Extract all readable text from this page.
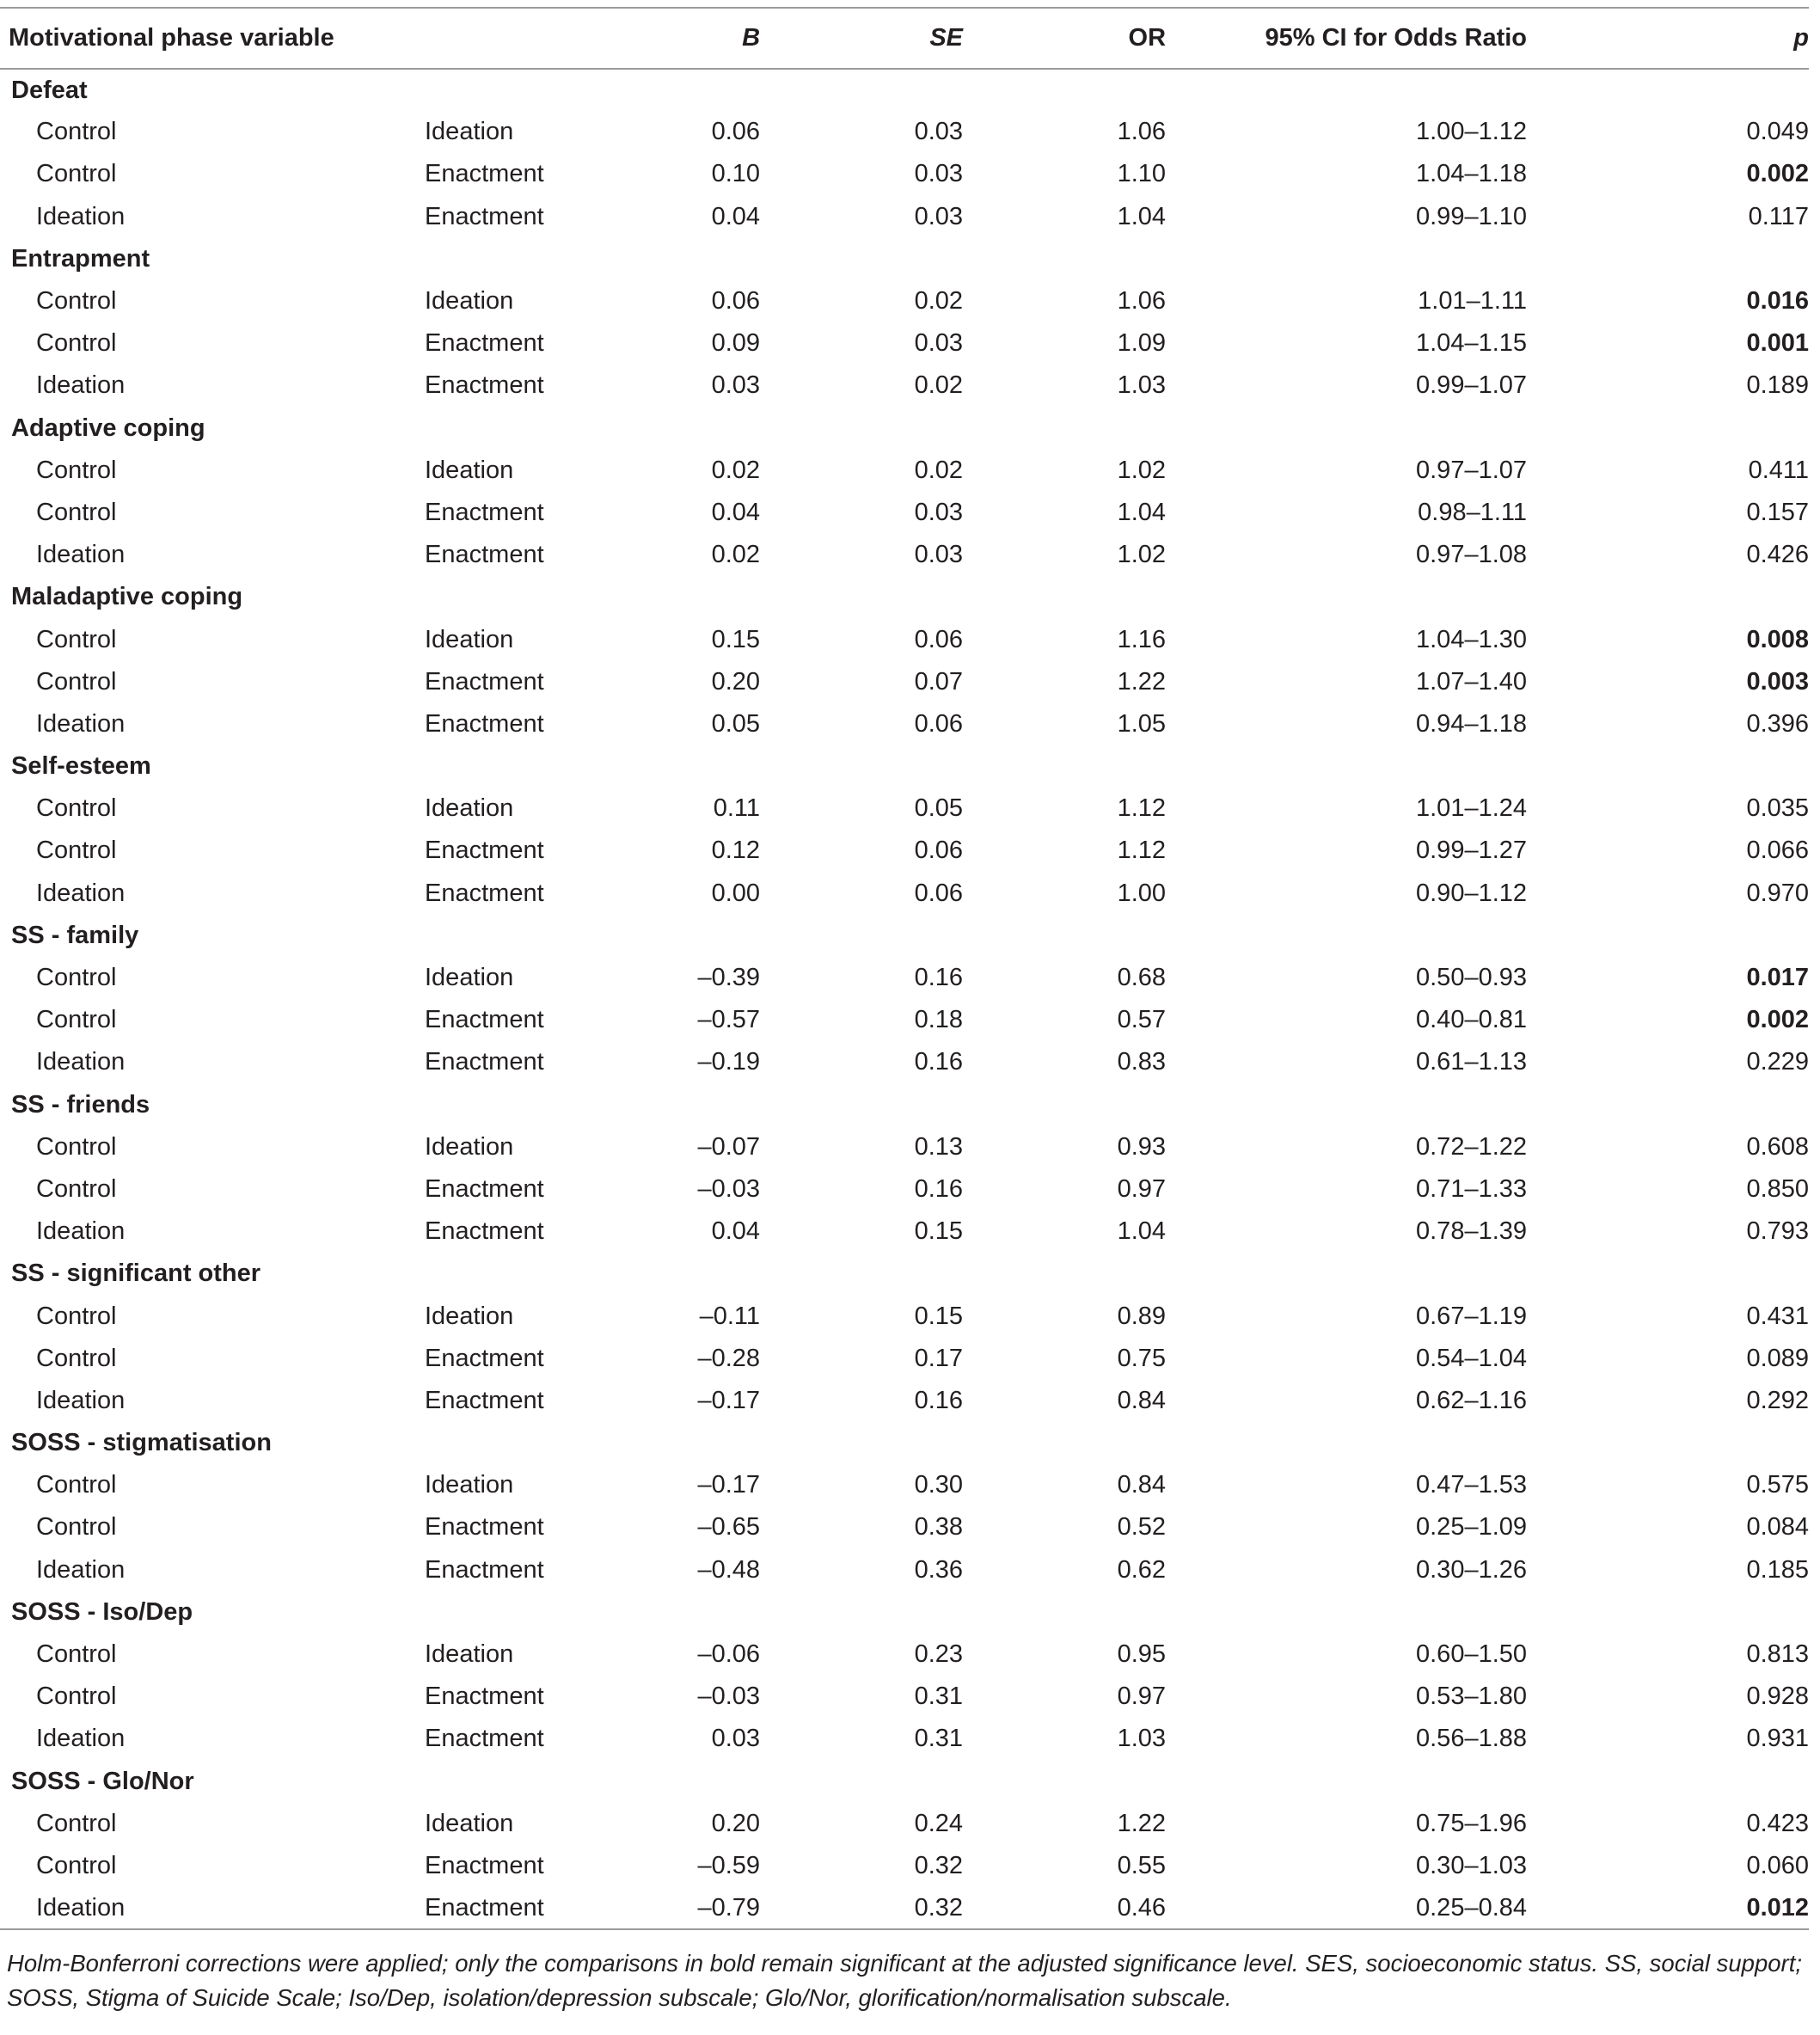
Motivational phase variable		B	SE	OR	95% CI for Odds Ratio	p
Defeat						
Control	Ideation	0.06	0.03	1.06	1.00–1.12	0.049
Control	Enactment	0.10	0.03	1.10	1.04–1.18	0.002
Ideation	Enactment	0.04	0.03	1.04	0.99–1.10	0.117
Entrapment						
Control	Ideation	0.06	0.02	1.06	1.01–1.11	0.016
Control	Enactment	0.09	0.03	1.09	1.04–1.15	0.001
Ideation	Enactment	0.03	0.02	1.03	0.99–1.07	0.189
Adaptive coping						
Control	Ideation	0.02	0.02	1.02	0.97–1.07	0.411
Control	Enactment	0.04	0.03	1.04	0.98–1.11	0.157
Ideation	Enactment	0.02	0.03	1.02	0.97–1.08	0.426
Maladaptive coping						
Control	Ideation	0.15	0.06	1.16	1.04–1.30	0.008
Control	Enactment	0.20	0.07	1.22	1.07–1.40	0.003
Ideation	Enactment	0.05	0.06	1.05	0.94–1.18	0.396
Self-esteem						
Control	Ideation	0.11	0.05	1.12	1.01–1.24	0.035
Control	Enactment	0.12	0.06	1.12	0.99–1.27	0.066
Ideation	Enactment	0.00	0.06	1.00	0.90–1.12	0.970
SS - family						
Control	Ideation	–0.39	0.16	0.68	0.50–0.93	0.017
Control	Enactment	–0.57	0.18	0.57	0.40–0.81	0.002
Ideation	Enactment	–0.19	0.16	0.83	0.61–1.13	0.229
SS - friends						
Control	Ideation	–0.07	0.13	0.93	0.72–1.22	0.608
Control	Enactment	–0.03	0.16	0.97	0.71–1.33	0.850
Ideation	Enactment	0.04	0.15	1.04	0.78–1.39	0.793
SS - significant other						
Control	Ideation	–0.11	0.15	0.89	0.67–1.19	0.431
Control	Enactment	–0.28	0.17	0.75	0.54–1.04	0.089
Ideation	Enactment	–0.17	0.16	0.84	0.62–1.16	0.292
SOSS - stigmatisation						
Control	Ideation	–0.17	0.30	0.84	0.47–1.53	0.575
Control	Enactment	–0.65	0.38	0.52	0.25–1.09	0.084
Ideation	Enactment	–0.48	0.36	0.62	0.30–1.26	0.185
SOSS - Iso/Dep						
Control	Ideation	–0.06	0.23	0.95	0.60–1.50	0.813
Control	Enactment	–0.03	0.31	0.97	0.53–1.80	0.928
Ideation	Enactment	0.03	0.31	1.03	0.56–1.88	0.931
SOSS - Glo/Nor						
Control	Ideation	0.20	0.24	1.22	0.75–1.96	0.423
Control	Enactment	–0.59	0.32	0.55	0.30–1.03	0.060
Ideation	Enactment	–0.79	0.32	0.46	0.25–0.84	0.012
Holm-Bonferroni corrections were applied; only the comparisons in bold remain significant at the adjusted significance level. SES, socioeconomic status. SS, social support; SOSS, Stigma of Suicide Scale; Iso/Dep, isolation/depression subscale; Glo/Nor, glorification/normalisation subscale.
